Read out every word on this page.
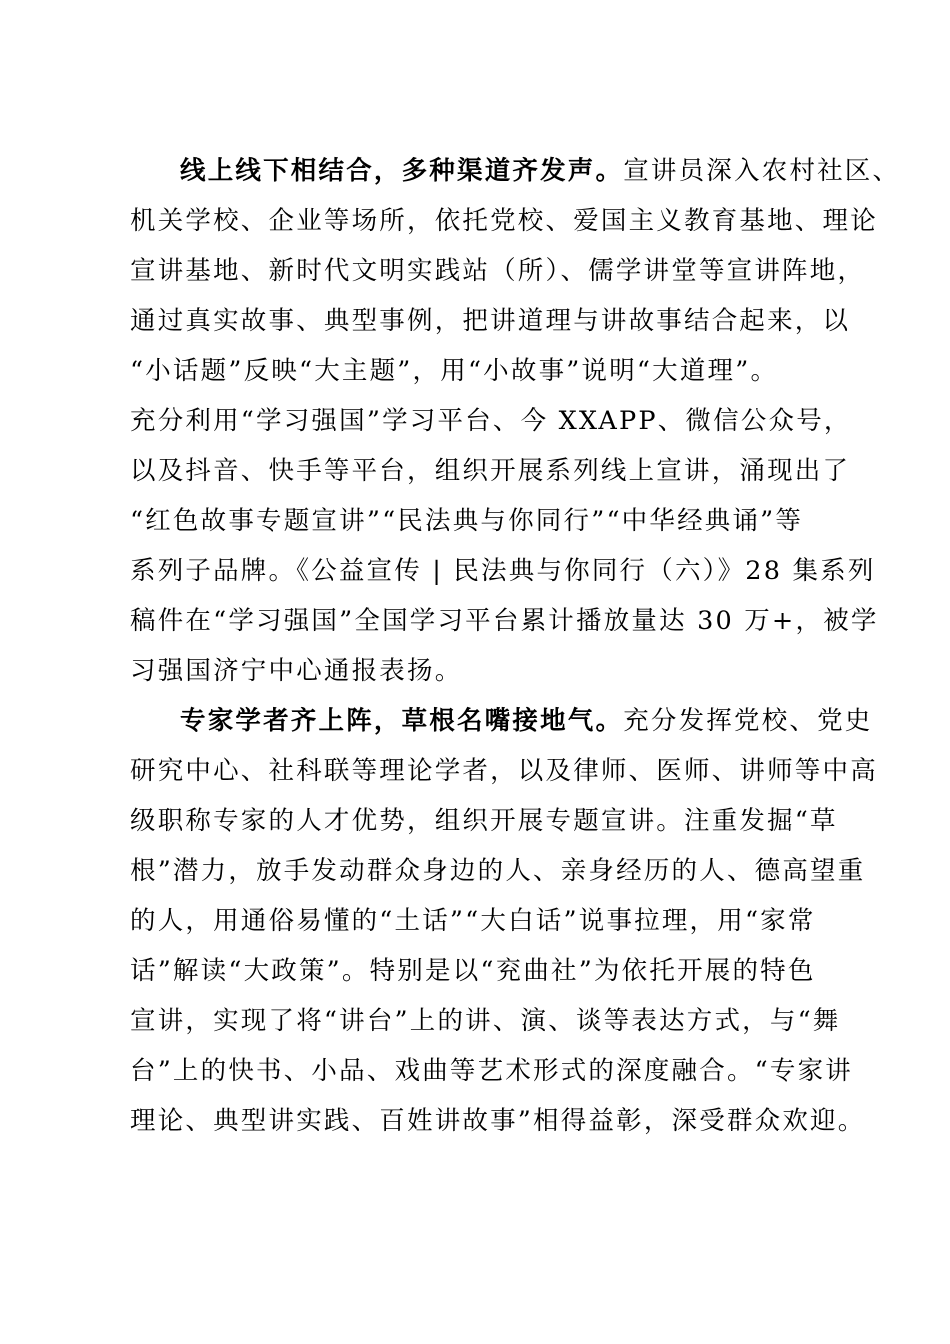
线上线下相结合，多种渠道齐发声。宣讲员深入农村社区、
机关学校、企业等场所，依托党校、爱国主义教育基地、理论
宣讲基地、新时代文明实践站（所）、儒学讲堂等宣讲阵地，
通过真实故事、典型事例，把讲道理与讲故事结合起来，以
“小话题”反映“大主题”，用“小故事”说明“大道理”。
充分利用“学习强国”学习平台、今 XXAPP、微信公众号，
以及抖音、快手等平台，组织开展系列线上宣讲，涌现出了
“红色故事专题宣讲”“民法典与你同行”“中华经典诵”等
系列子品牌。《公益宣传 | 民法典与你同行（六）》28 集系列
稿件在“学习强国”全国学习平台累计播放量达 30 万+，被学
习强国济宁中心通报表扬。
专家学者齐上阵，草根名嘴接地气。充分发挥党校、党史
研究中心、社科联等理论学者，以及律师、医师、讲师等中高
级职称专家的人才优势，组织开展专题宣讲。注重发掘“草
根”潜力，放手发动群众身边的人、亲身经历的人、德高望重
的人，用通俗易懂的“土话”“大白话”说事拉理，用“家常
话”解读“大政策”。特别是以“兖曲社”为依托开展的特色
宣讲，实现了将“讲台”上的讲、演、谈等表达方式，与“舞
台”上的快书、小品、戏曲等艺术形式的深度融合。“专家讲
理论、典型讲实践、百姓讲故事”相得益彰，深受群众欢迎。
